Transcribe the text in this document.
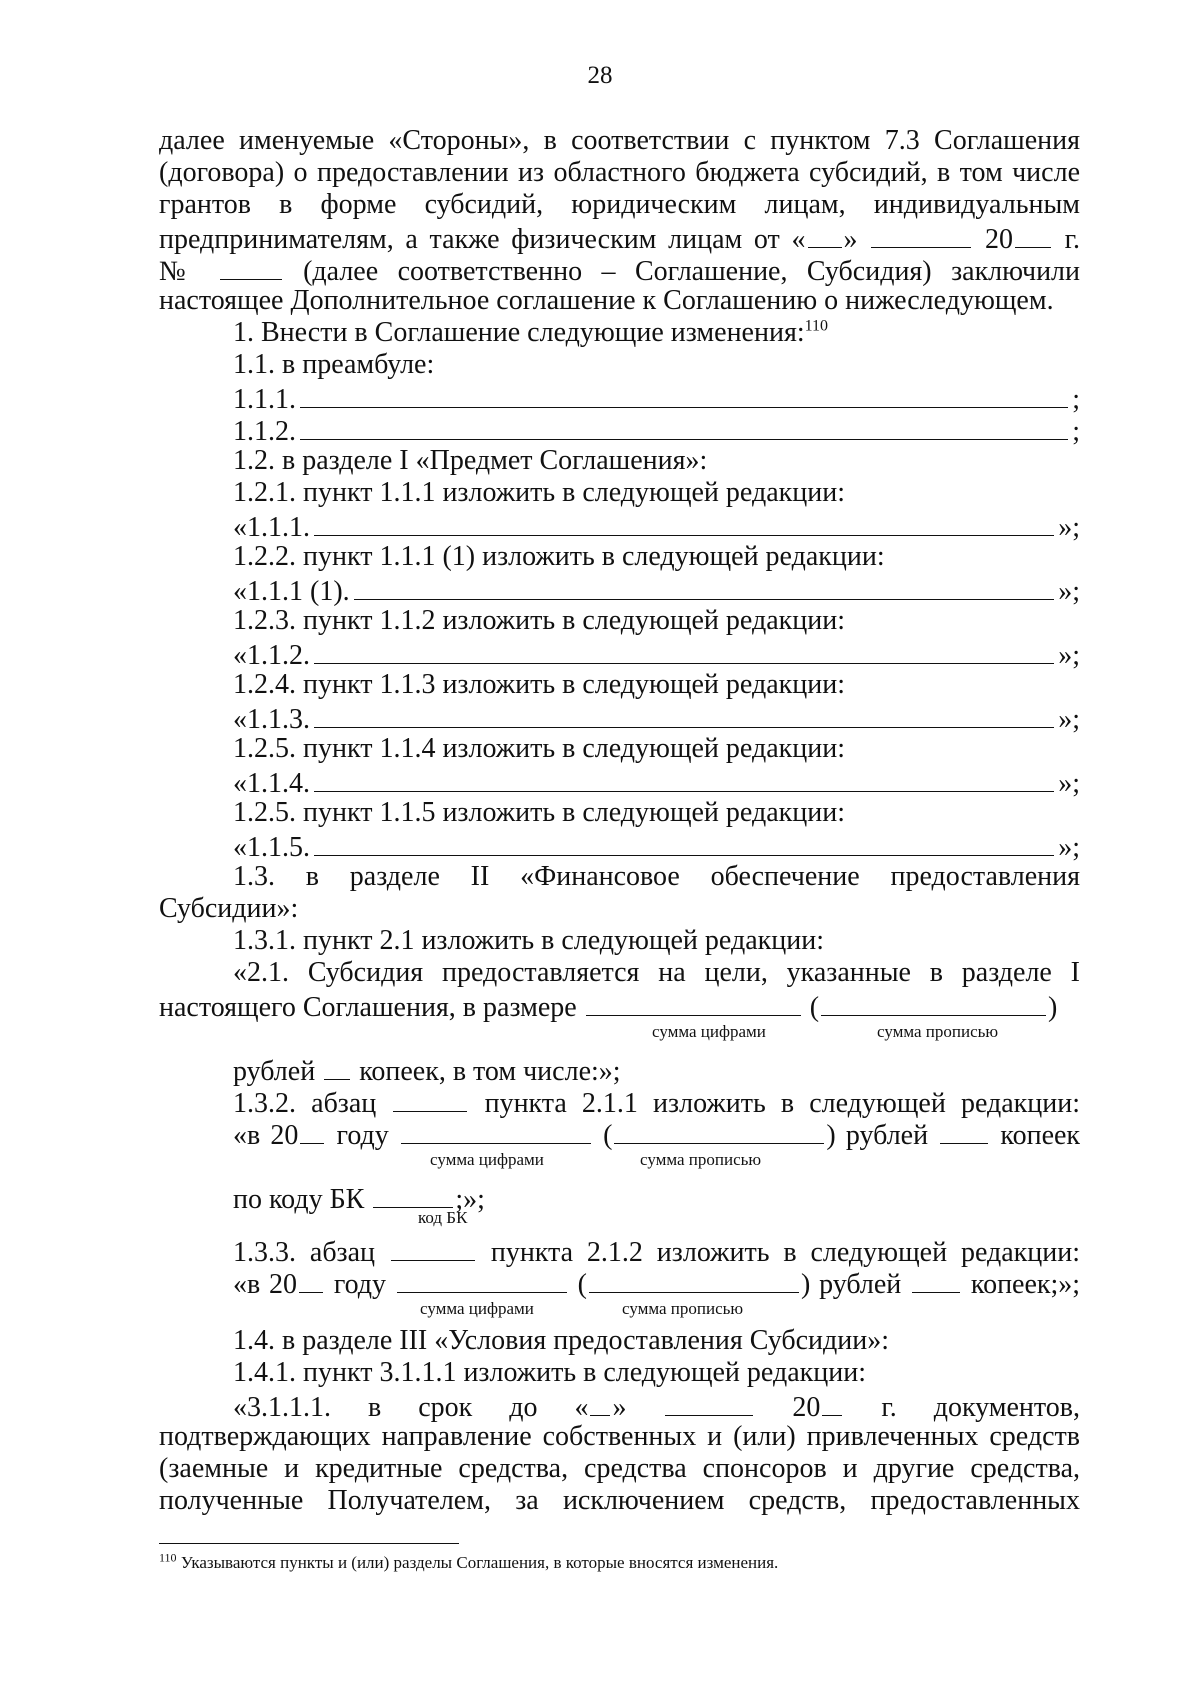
28
далее именуемые «Стороны», в соответствии с пунктом 7.3 Соглашения
(договора) о предоставлении из областного бюджета субсидий, в том числе
грантов в форме субсидий, юридическим лицам, индивидуальным
предпринимателям, а также физическим лицам от « »	20 г.
№	(далее соответственно – Соглашение, Субсидия) заключили
настоящее Дополнительное соглашение к Соглашению о нижеследующем.
1. Внести в Соглашение следующие изменения:$^{110}$
1.1. в преамбуле:
1.1.1.	;
1.1.2.	;
1.2. в разделе I «Предмет Соглашения»:
1.2.1. пункт 1.1.1 изложить в следующей редакции:
«1.1.1.	»;
1.2.2. пункт 1.1.1 (1) изложить в следующей редакции:
«1.1.1 (1).	»;
1.2.3. пункт 1.1.2 изложить в следующей редакции:
«1.1.2.	»;
1.2.4. пункт 1.1.3 изложить в следующей редакции:
«1.1.3.	»;
1.2.5. пункт 1.1.4 изложить в следующей редакции:
«1.1.4.	»;
1.2.5. пункт 1.1.5 изложить в следующей редакции:
«1.1.5.	»;
1.3. в разделе II «Финансовое обеспечение предоставления
Субсидии»:
1.3.1. пункт 2.1 изложить в следующей редакции:
«2.1. Субсидия предоставляется на цели, указанные в разделе I
настоящего Соглашения, в размере	(	)
сумма цифрами	сумма прописью
рублей копеек, в том числе:»;
1.3.2. абзац	пункта 2.1.1 изложить в следующей редакции:
«в 20 году	(	) рублей	копеек
сумма цифрами	сумма прописью
по коду БК	;»;
код БК
1.3.3. абзац	пункта 2.1.2 изложить в следующей редакции:
«в 20 году	(	) рублей копеек;»;
сумма цифрами	сумма прописью
1.4. в разделе III «Условия предоставления Субсидии»:
1.4.1. пункт 3.1.1.1 изложить в следующей редакции:
«3.1.1.1. в срок до « »	20 г. документов,
подтверждающих направление собственных и (или) привлеченных средств
(заемные и кредитные средства, средства спонсоров и другие средства,
полученные Получателем, за исключением средств, предоставленных
$^{110}$ Указываются пункты и (или) разделы Соглашения, в которые вносятся изменения.
